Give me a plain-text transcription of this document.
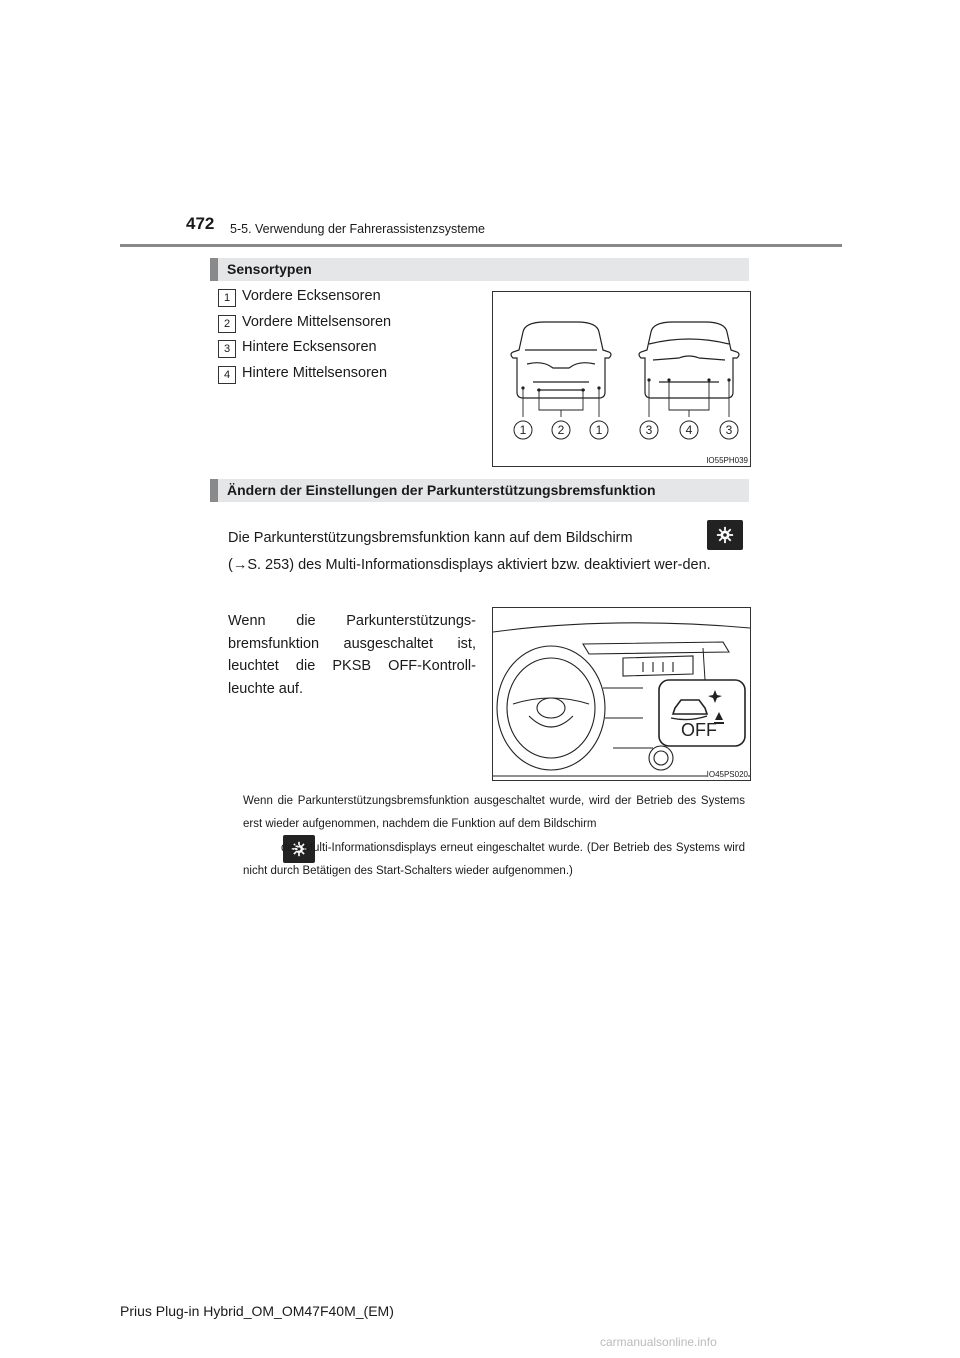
472 5-5. Verwendung der Fahrerassistenzsysteme
Sensortypen
1 Vordere Ecksensoren
2 Vordere Mittelsensoren
3 Hintere Ecksensoren
4 Hintere Mittelsensoren
1	2	1	3	4	3
IO55PH039
Ändern der Einstellungen der Parkunterstützungsbremsfunktion
Die Parkunterstützungsbremsfunktion kann auf dem Bildschirm

(→S. 253) des Multi-Informationsdisplays aktiviert bzw. deaktiviert wer-den.
Wenn die Parkunterstützungs-bremsfunktion ausgeschaltet ist, leuchtet die PKSB OFF-Kontroll-leuchte auf.
OFF
IO45PS020
Wenn die Parkunterstützungsbremsfunktion ausgeschaltet wurde, wird der Betrieb des Systems erst wieder aufgenommen, nachdem die Funktion auf dem Bildschirm
des Multi-Informationsdisplays erneut eingeschaltet wurde. (Der Betrieb des Systems wird nicht durch Betätigen des Start-Schalters wieder aufgenommen.)
Prius Plug-in Hybrid_OM_OM47F40M_(EM)
carmanualsonline.info
